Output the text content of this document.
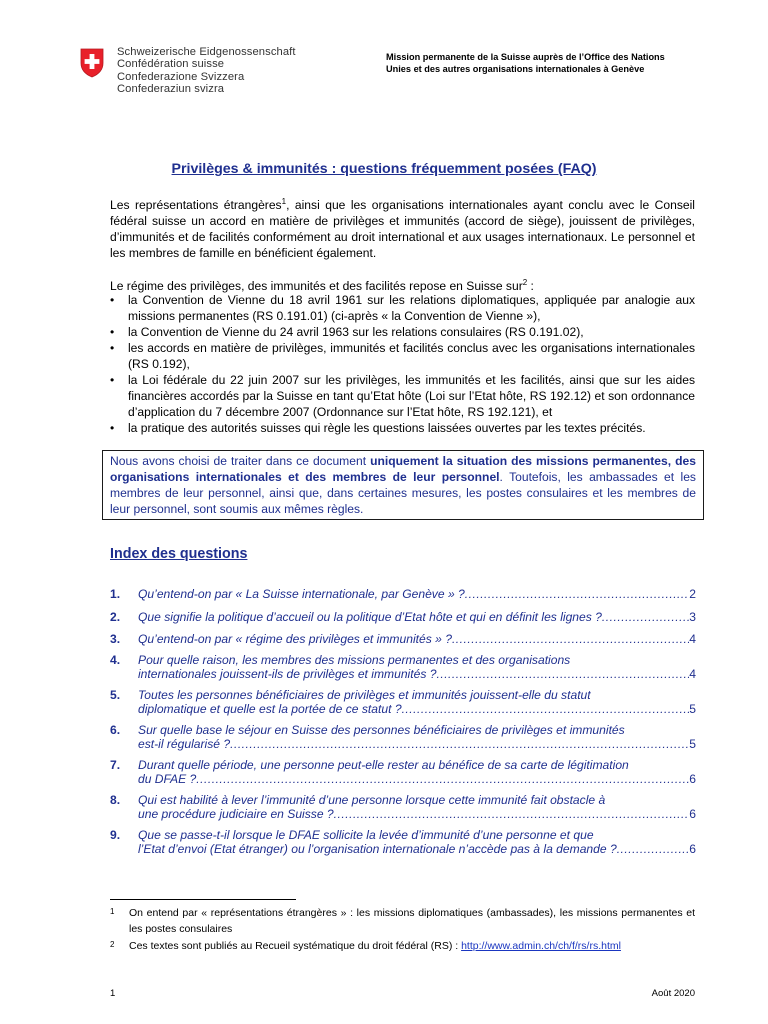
Schweizerische Eidgenossenschaft
Confédération suisse
Confederazione Svizzera
Confederaziun svizra
Mission permanente de la Suisse auprès de l’Office des Nations
Unies et des autres organisations internationales à Genève
Privilèges & immunités : questions fréquemment posées (FAQ)
Les représentations étrangères$^1$, ainsi que les organisations internationales ayant conclu avec le Conseil fédéral suisse un accord en matière de privilèges et immunités (accord de siège), jouissent de privilèges, d’immunités et de facilités conformément au droit international et aux usages internationaux. Le personnel et les membres de famille en bénéficient également.
Le régime des privilèges, des immunités et des facilités repose en Suisse sur$^2$ :
• la Convention de Vienne du 18 avril 1961 sur les relations diplomatiques, appliquée par analogie aux missions permanentes (RS 0.191.01) (ci-après « la Convention de Vienne »),
• la Convention de Vienne du 24 avril 1963 sur les relations consulaires (RS 0.191.02),
• les accords en matière de privilèges, immunités et facilités conclus avec les organisations internationales (RS 0.192),
• la Loi fédérale du 22 juin 2007 sur les privilèges, les immunités et les facilités, ainsi que sur les aides financières accordés par la Suisse en tant qu’Etat hôte (Loi sur l’Etat hôte, RS 192.12) et son ordonnance d’application du 7 décembre 2007 (Ordonnance sur l’Etat hôte, RS 192.121), et
• la pratique des autorités suisses qui règle les questions laissées ouvertes par les textes précités.
Nous avons choisi de traiter dans ce document uniquement la situation des missions permanentes, des organisations internationales et des membres de leur personnel. Toutefois, les ambassades et les membres de leur personnel, ainsi que, dans certaines mesures, les postes consulaires et les membres de leur personnel, sont soumis aux mêmes règles.
Index des questions
1. Qu’entend-on par « La Suisse internationale, par Genève » ? .....	2
2. Que signifie la politique d’accueil ou la politique d’Etat hôte et qui en définit les lignes ? .....	3
3. Qu’entend-on par « régime des privilèges et immunités » ? .....	4
4. Pour quelle raison, les membres des missions permanentes et des organisations
internationales jouissent-ils de privilèges et immunités ? .....	4
5. Toutes les personnes bénéficiaires de privilèges et immunités jouissent-elle du statut
diplomatique et quelle est la portée de ce statut ? .....	5
6. Sur quelle base le séjour en Suisse des personnes bénéficiaires de privilèges et immunités
est-il régularisé ? .....	5
7. Durant quelle période, une personne peut-elle rester au bénéfice de sa carte de légitimation
du DFAE ? .....	6
8. Qui est habilité à lever l’immunité d’une personne lorsque cette immunité fait obstacle à
une procédure judiciaire en Suisse ? .....	6
9. Que se passe-t-il lorsque le DFAE sollicite la levée d’immunité d’une personne et que
l’Etat d’envoi (Etat étranger) ou l’organisation internationale n’accède pas à la demande ? .....	6
1 On entend par « représentations étrangères » : les missions diplomatiques (ambassades), les missions permanentes et les postes consulaires
2 Ces textes sont publiés au Recueil systématique du droit fédéral (RS) : http://www.admin.ch/ch/f/rs/rs.html
1	Août 2020
